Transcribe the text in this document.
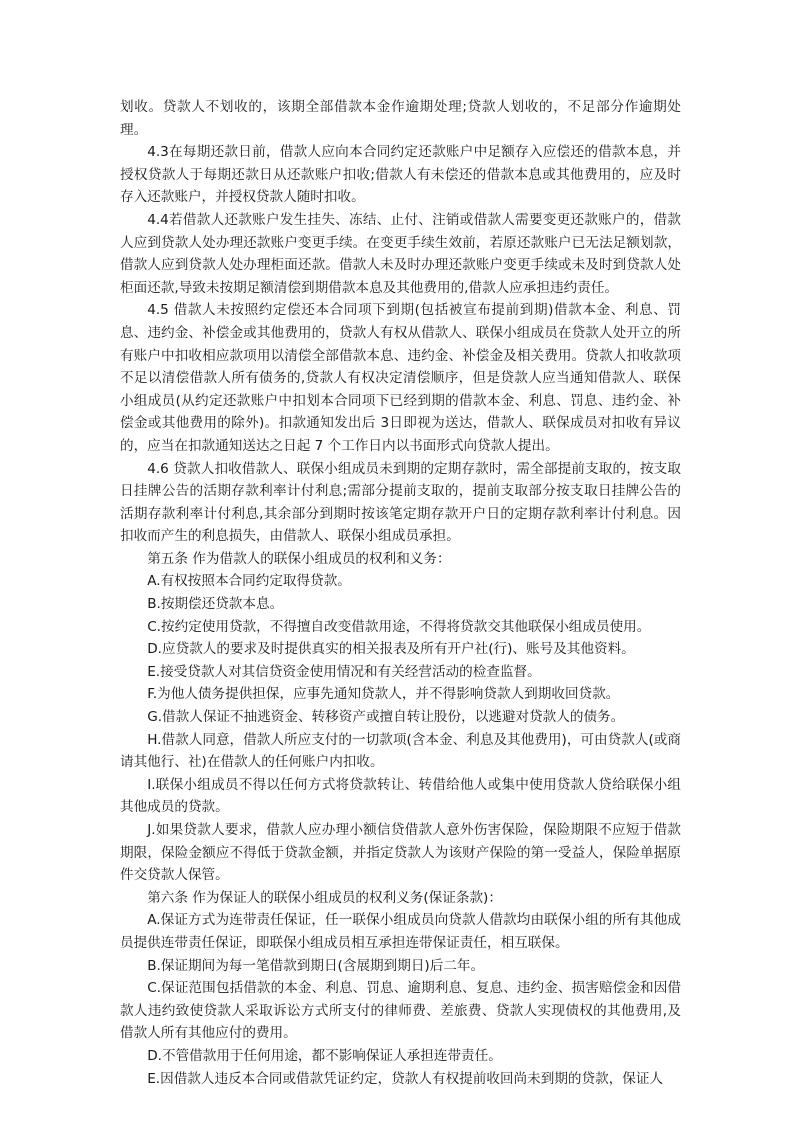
划收。贷款人不划收的，该期全部借款本金作逾期处理;贷款人划收的，不足部分作逾期处理。

4.3在每期还款日前，借款人应向本合同约定还款账户中足额存入应偿还的借款本息，并授权贷款人于每期还款日从还款账户扣收;借款人有未偿还的借款本息或其他费用的，应及时存入还款账户，并授权贷款人随时扣收。

4.4若借款人还款账户发生挂失、冻结、止付、注销或借款人需要变更还款账户的，借款人应到贷款人处办理还款账户变更手续。在变更手续生效前，若原还款账户已无法足额划款，借款人应到贷款人处办理柜面还款。借款人未及时办理还款账户变更手续或未及时到贷款人处柜面还款,导致未按期足额清偿到期借款本息及其他费用的,借款人应承担违约责任。

4.5 借款人未按照约定偿还本合同项下到期(包括被宣布提前到期)借款本金、利息、罚息、违约金、补偿金或其他费用的，贷款人有权从借款人、联保小组成员在贷款人处开立的所有账户中扣收相应款项用以清偿全部借款本息、违约金、补偿金及相关费用。贷款人扣收款项不足以清偿借款人所有债务的,贷款人有权决定清偿顺序，但是贷款人应当通知借款人、联保小组成员(从约定还款账户中扣划本合同项下已经到期的借款本金、利息、罚息、违约金、补偿金或其他费用的除外)。扣款通知发出后 3日即视为送达，借款人、联保成员对扣收有异议的，应当在扣款通知送达之日起 7 个工作日内以书面形式向贷款人提出。

4.6 贷款人扣收借款人、联保小组成员未到期的定期存款时，需全部提前支取的，按支取日挂牌公告的活期存款利率计付利息;需部分提前支取的，提前支取部分按支取日挂牌公告的活期存款利率计付利息,其余部分到期时按该笔定期存款开户日的定期存款利率计付利息。因扣收而产生的利息损失，由借款人、联保小组成员承担。

第五条 作为借款人的联保小组成员的权利和义务：

A.有权按照本合同约定取得贷款。

B.按期偿还贷款本息。

C.按约定使用贷款，不得擅自改变借款用途，不得将贷款交其他联保小组成员使用。

D.应贷款人的要求及时提供真实的相关报表及所有开户社(行)、账号及其他资料。

E.接受贷款人对其信贷资金使用情况和有关经营活动的检查监督。

F.为他人债务提供担保，应事先通知贷款人，并不得影响贷款人到期收回贷款。

G.借款人保证不抽逃资金、转移资产或擅自转让股份，以逃避对贷款人的债务。

H.借款人同意，借款人所应支付的一切款项(含本金、利息及其他费用)，可由贷款人(或商请其他行、社)在借款人的任何账户内扣收。

I.联保小组成员不得以任何方式将贷款转让、转借给他人或集中使用贷款人贷给联保小组其他成员的贷款。

J.如果贷款人要求，借款人应办理小额信贷借款人意外伤害保险，保险期限不应短于借款期限，保险金额应不得低于贷款金额，并指定贷款人为该财产保险的第一受益人，保险单据原件交贷款人保管。

第六条 作为保证人的联保小组成员的权利义务(保证条款)：

A.保证方式为连带责任保证，任一联保小组成员向贷款人借款均由联保小组的所有其他成员提供连带责任保证，即联保小组成员相互承担连带保证责任，相互联保。

B.保证期间为每一笔借款到期日(含展期到期日)后二年。

C.保证范围包括借款的本金、利息、罚息、逾期利息、复息、违约金、损害赔偿金和因借款人违约致使贷款人采取诉讼方式所支付的律师费、差旅费、贷款人实现债权的其他费用,及借款人所有其他应付的费用。

D.不管借款用于任何用途，都不影响保证人承担连带责任。

E.因借款人违反本合同或借款凭证约定，贷款人有权提前收回尚未到期的贷款，保证人
